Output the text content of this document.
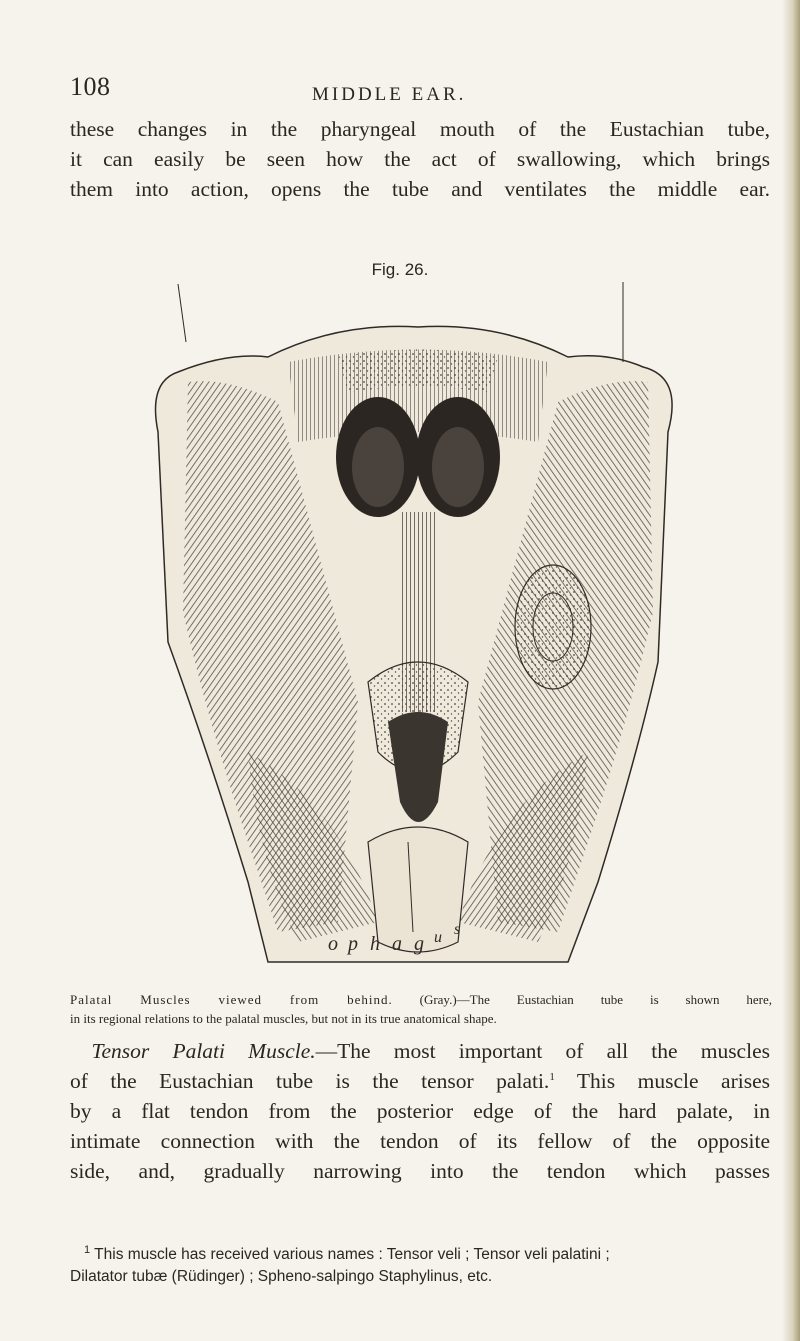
108	MIDDLE EAR.
these changes in the pharyngeal mouth of the Eustachian tube,
it can easily be seen how the act of swallowing, which brings
them into action, opens the tube and ventilates the middle ear.
Fig. 26.
o p h a g u s
Palatal Muscles viewed from behind. (Gray.)—The Eustachian tube is shown here,
in its regional relations to the palatal muscles, but not in its true anatomical shape.
 Tensor Palati Muscle.—The most important of all the muscles
of the Eustachian tube is the tensor palati.$^1$ This muscle arises
by a flat tendon from the posterior edge of the hard palate, in
intimate connection with the tendon of its fellow of the opposite
side, and, gradually narrowing into the tendon which passes
$^1$ This muscle has received various names : Tensor veli ; Tensor veli palatini ;
Dilatator tubæ (Rüdinger) ; Spheno-salpingo Staphylinus, etc.
